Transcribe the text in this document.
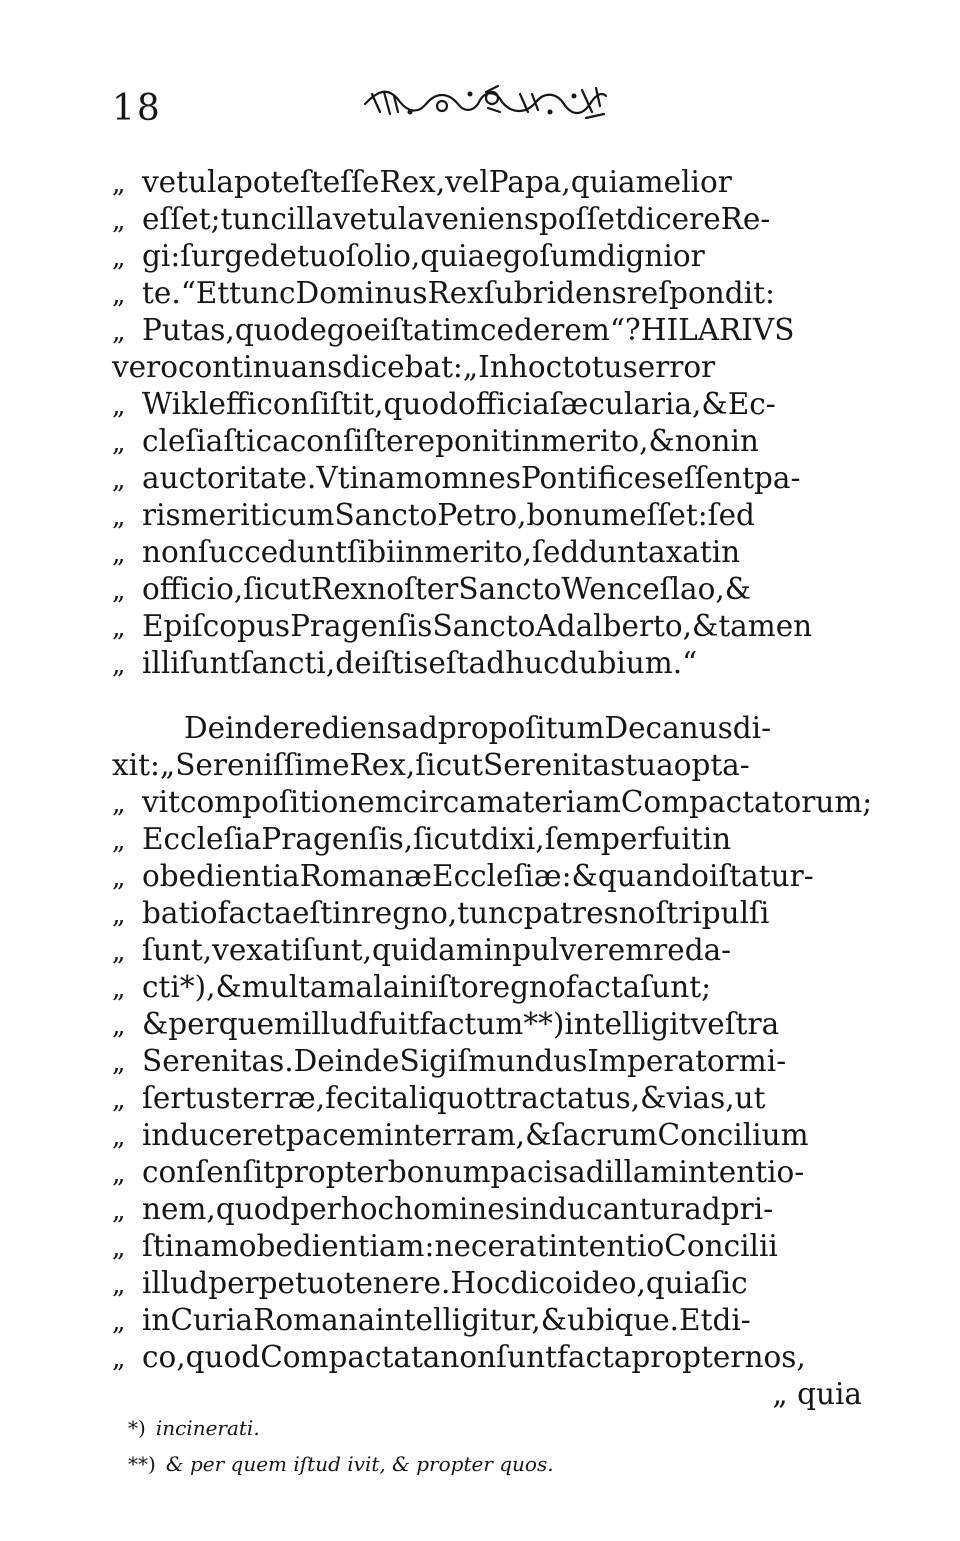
18
„ vetulapoteſteſſeRex,velPapa,quiamelior
„ eſſet;tuncillavetulavenienspoſſetdicereRe-
„ gi:ſurgedetuoſolio,quiaegoſumdignior
„ te.“EttuncDominusRexſubridensreſpondit:
„ Putas,quodegoeiſtatimcederem“?HILARIVS
verocontinuansdicebat:„Inhoctotuserror
„ Wiklefficonſiſtit,quodofficiaſæcularia,&Ec-
„ cleſiaſticaconſiſtereponitinmerito,&nonin
„ auctoritate.VtinamomnesPontificeseſſentpa-
„ rismeriticumSanctoPetro,bonumeſſet:ſed
„ nonſucceduntſibiinmerito,ſedduntaxatin
„ officio,ſicutRexnoſterSanctoWenceſlao,&
„ EpiſcopusPragenſisSanctoAdalberto,&tamen
„ illiſuntſancti,deiſtiseſtadhucdubium.“
DeinderediensadpropoſitumDecanusdi-
xit:„SereniſſimeRex,ſicutSerenitastuaopta-
„ vitcompoſitionemcircamateriamCompactatorum;
„ EccleſiaPragenſis,ſicutdixi,ſemperfuitin
„ obedientiaRomanæEccleſiæ:&quandoiſtatur-
„ batiofactaeſtinregno,tuncpatresnoſtripulſi
„ ſunt,vexatiſunt,quidaminpulveremreda-
„ cti*),&multamalainiſtoregnofactaſunt;
„ &perquemilludfuitfactum**)intelligitveſtra
„ Serenitas.DeindeSigiſmundusImperatormi-
„ ſertusterræ,fecitaliquottractatus,&vias,ut
„ induceretpaceminterram,&ſacrumConcilium
„ conſenſitpropterbonumpacisadillamintentio-
„ nem,quodperhochominesinducanturadpri-
„ ſtinamobedientiam:neceratintentioConcilii
„ illudperpetuotenere.Hocdicoideo,quiaſic
„ inCuriaRomanaintelligitur,&ubique.Etdi-
„ co,quodCompactatanonſuntfactapropternos,
„ quia
*) incinerati.
**) & per quem iſtud ivit, & propter quos.
